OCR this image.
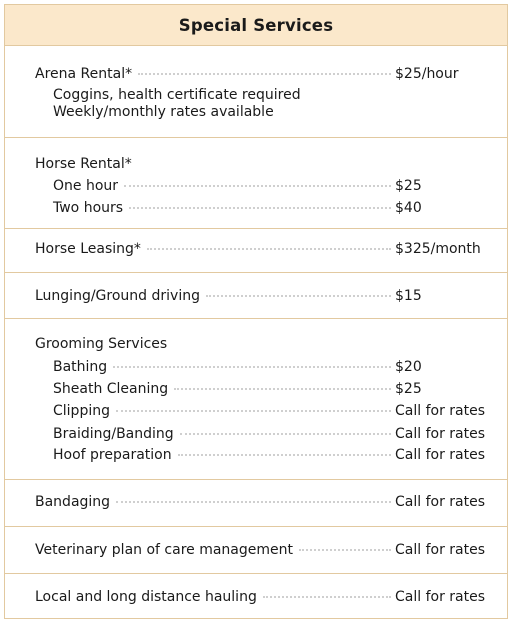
Special Services
Arena Rental*	$25/hour
Coggins, health certificate required
Weekly/monthly rates available
Horse Rental*
One hour	$25
Two hours	$40
Horse Leasing*	$325/month
Lunging/Ground driving	$15
Grooming Services
Bathing	$20
Sheath Cleaning	$25
Clipping	Call for rates
Braiding/Banding	Call for rates
Hoof preparation	Call for rates
Bandaging	Call for rates
Veterinary plan of care management	Call for rates
Local and long distance hauling	Call for rates
